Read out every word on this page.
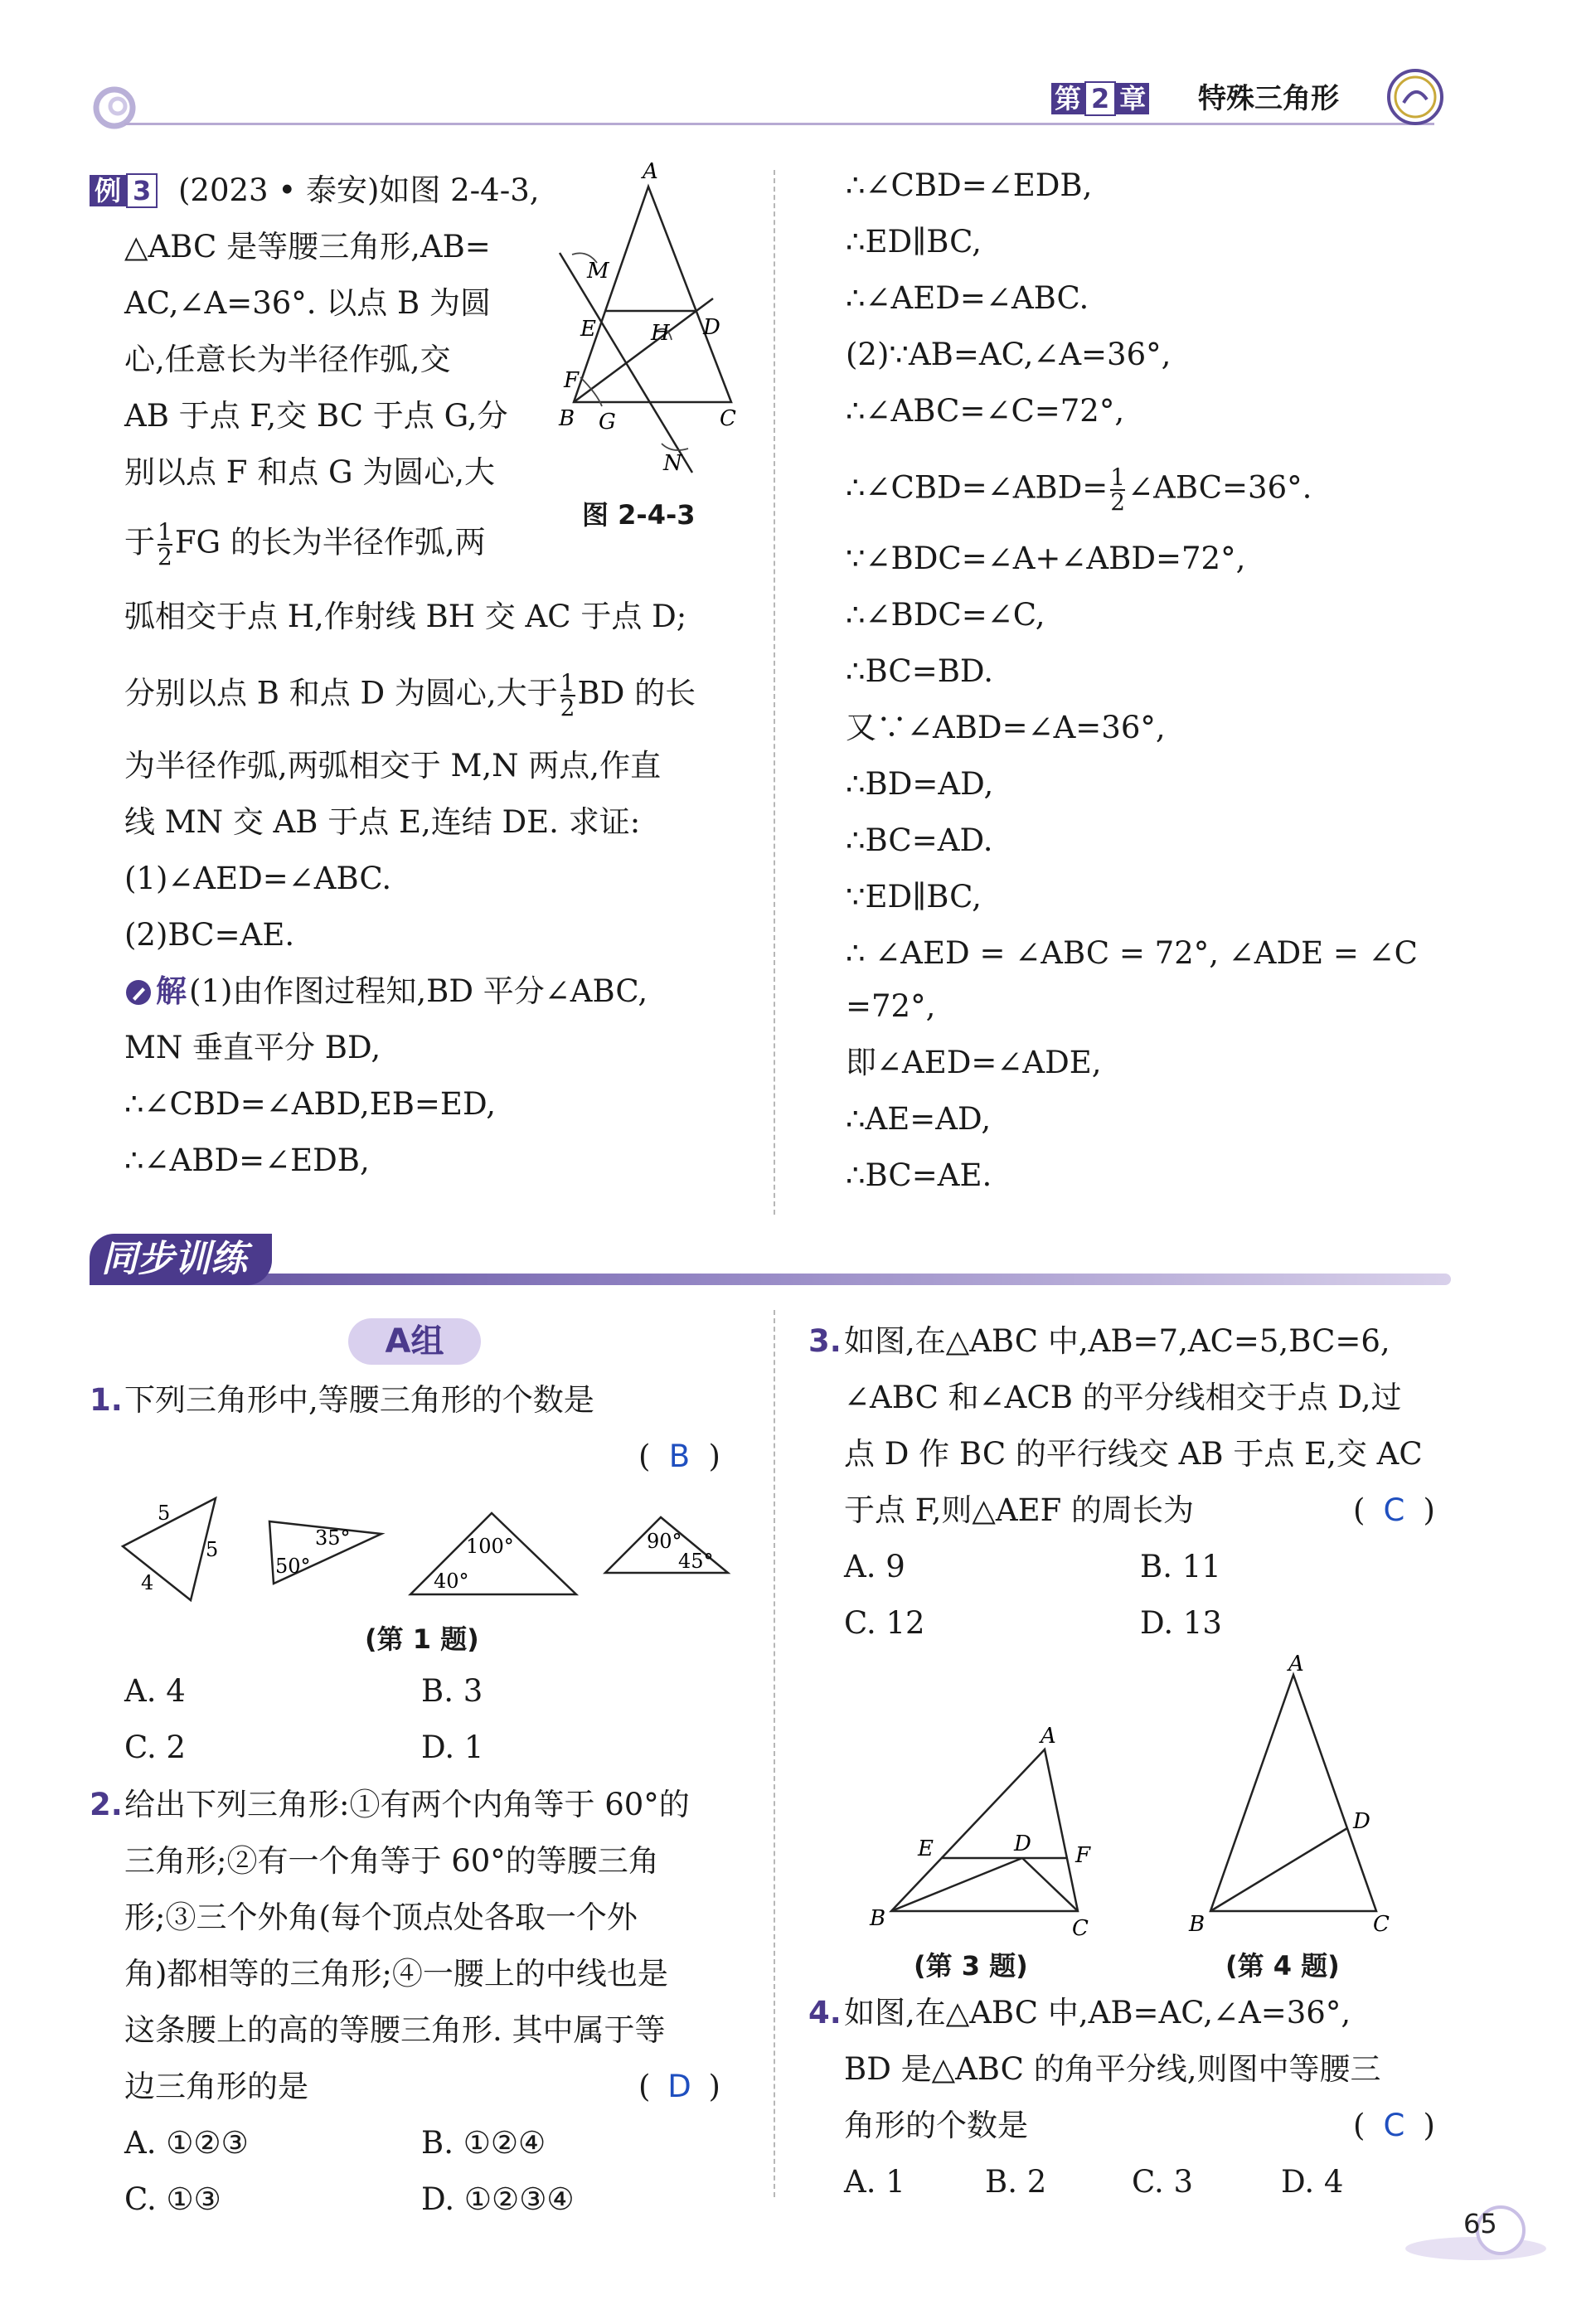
第 2 章 特殊三角形
例 3 (2023 • 泰安)如图 2-4-3,
△ABC 是等腰三角形,AB=
AC,∠A=36°. 以点 B 为圆
心,任意长为半径作弧,交
AB 于点 F,交 BC 于点 G,分
别以点 F 和点 G 为圆心,大
于 $\frac{1}{2}$ FG 的长为半径作弧,两
弧相交于点 H,作射线 BH 交 AC 于点 D;
分别以点 B 和点 D 为圆心,大于 $\frac{1}{2}$ BD 的长
为半径作弧,两弧相交于 M,N 两点,作直
线 MN 交 AB 于点 E,连结 DE. 求证:
(1)∠AED=∠ABC.
(2)BC=AE.
解 (1)由作图过程知,BD 平分∠ABC,
MN 垂直平分 BD,
∴∠CBD=∠ABD,EB=ED,
∴∠ABD=∠EDB,
A
M
E	H D
F
B G	C
N
图 2-4-3
∴∠CBD=∠EDB,
∴ED∥BC,
∴∠AED=∠ABC.
(2)∵AB=AC,∠A=36°,
∴∠ABC=∠C=72°,
∴∠CBD=∠ABD= $\frac{1}{2}$ ∠ABC=36°.
∵∠BDC=∠A+∠ABD=72°,
∴∠BDC=∠C,
∴BC=BD.
又∵∠ABD=∠A=36°,
∴BD=AD,
∴BC=AD.
∵ED∥BC,
∴ ∠AED = ∠ABC = 72°, ∠ADE = ∠C
=72°,
即∠AED=∠ADE,
∴AE=AD,
∴BC=AE.
同步训练
A组
1. 下列三角形中,等腰三角形的个数是
( B )
5
5
4
50°
35°	100°
40°
90°
45°
(第 1 题)
A. 4	B. 3
C. 2	D. 1
2. 给出下列三角形:①有两个内角等于 60°的
三角形;②有一个角等于 60°的等腰三角
形;③三个外角(每个顶点处各取一个外
角)都相等的三角形;④一腰上的中线也是
这条腰上的高的等腰三角形. 其中属于等
边三角形的是	( D )
A. ①②③	B. ①②④
C. ①③	D. ①②③④
3. 如图,在△ABC 中,AB=7,AC=5,BC=6,
∠ABC 和∠ACB 的平分线相交于点 D,过
点 D 作 BC 的平行线交 AB 于点 E,交 AC
于点 F,则△AEF 的周长为	( C )
A. 9	B. 11
C. 12	D. 13
A
E	D F
B	C
(第 3 题)
A
D
B	C
(第 4 题)
4. 如图,在△ABC 中,AB=AC,∠A=36°,
BD 是△ABC 的角平分线,则图中等腰三
角形的个数是	( C )
A. 1	B. 2	C. 3	D. 4
65
